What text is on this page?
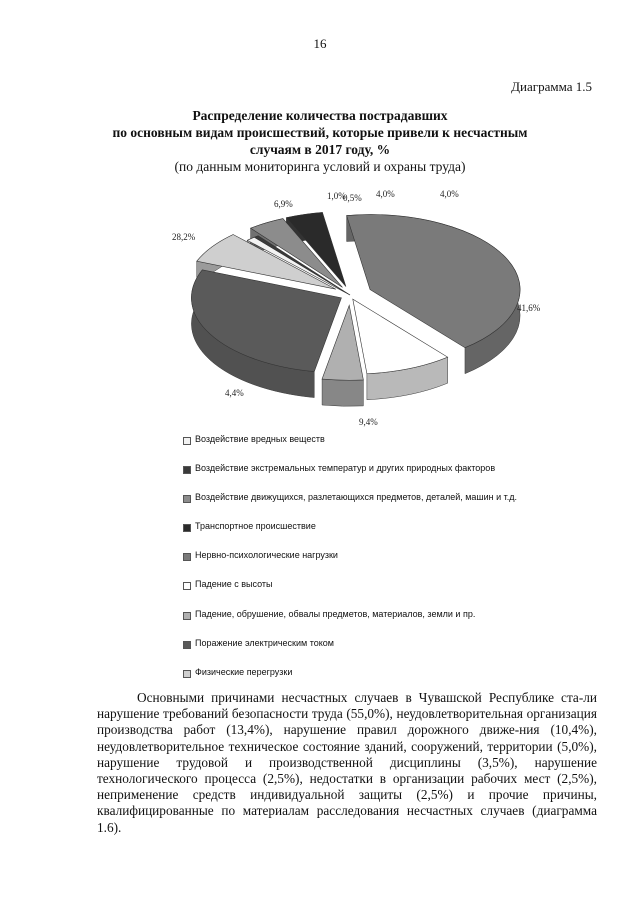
16
Диаграмма 1.5
Распределение количества пострадавших
по основным видам происшествий, которые привели к несчастным
случаям в 2017 году, %
(по данным мониторинга условий и охраны труда)
1,0%
0,5% 4,0%	4,0%
41,6%
9,4%
4,4%
28,2%
6,9%
Воздействие вредных веществ
Воздействие экстремальных температур и других природных факторов
Воздействие движущихся, разлетающихся предметов, деталей, машин и т.д.
Транспортное происшествие
Нервно-психологические нагрузки
Падение с высоты
Падение, обрушение, обвалы предметов, материалов, земли и пр.
Поражение электрическим током
Физические перегрузки

Основными причинами несчастных случаев в Чувашской Республике ста-ли нарушение требований безопасности труда (55,0%), неудовлетворительная организация производства работ (13,4%), нарушение правил дорожного движе-ния (10,4%), неудовлетворительное техническое состояние зданий, сооружений, территории (5,0%), нарушение трудовой и производственной дисциплины (3,5%), нарушение технологического процесса (2,5%), недостатки в организации рабочих мест (2,5%), неприменение средств индивидуальной защиты (2,5%) и прочие причины, квалифицированные по материалам расследования несчастных случаев (диаграмма 1.6).
